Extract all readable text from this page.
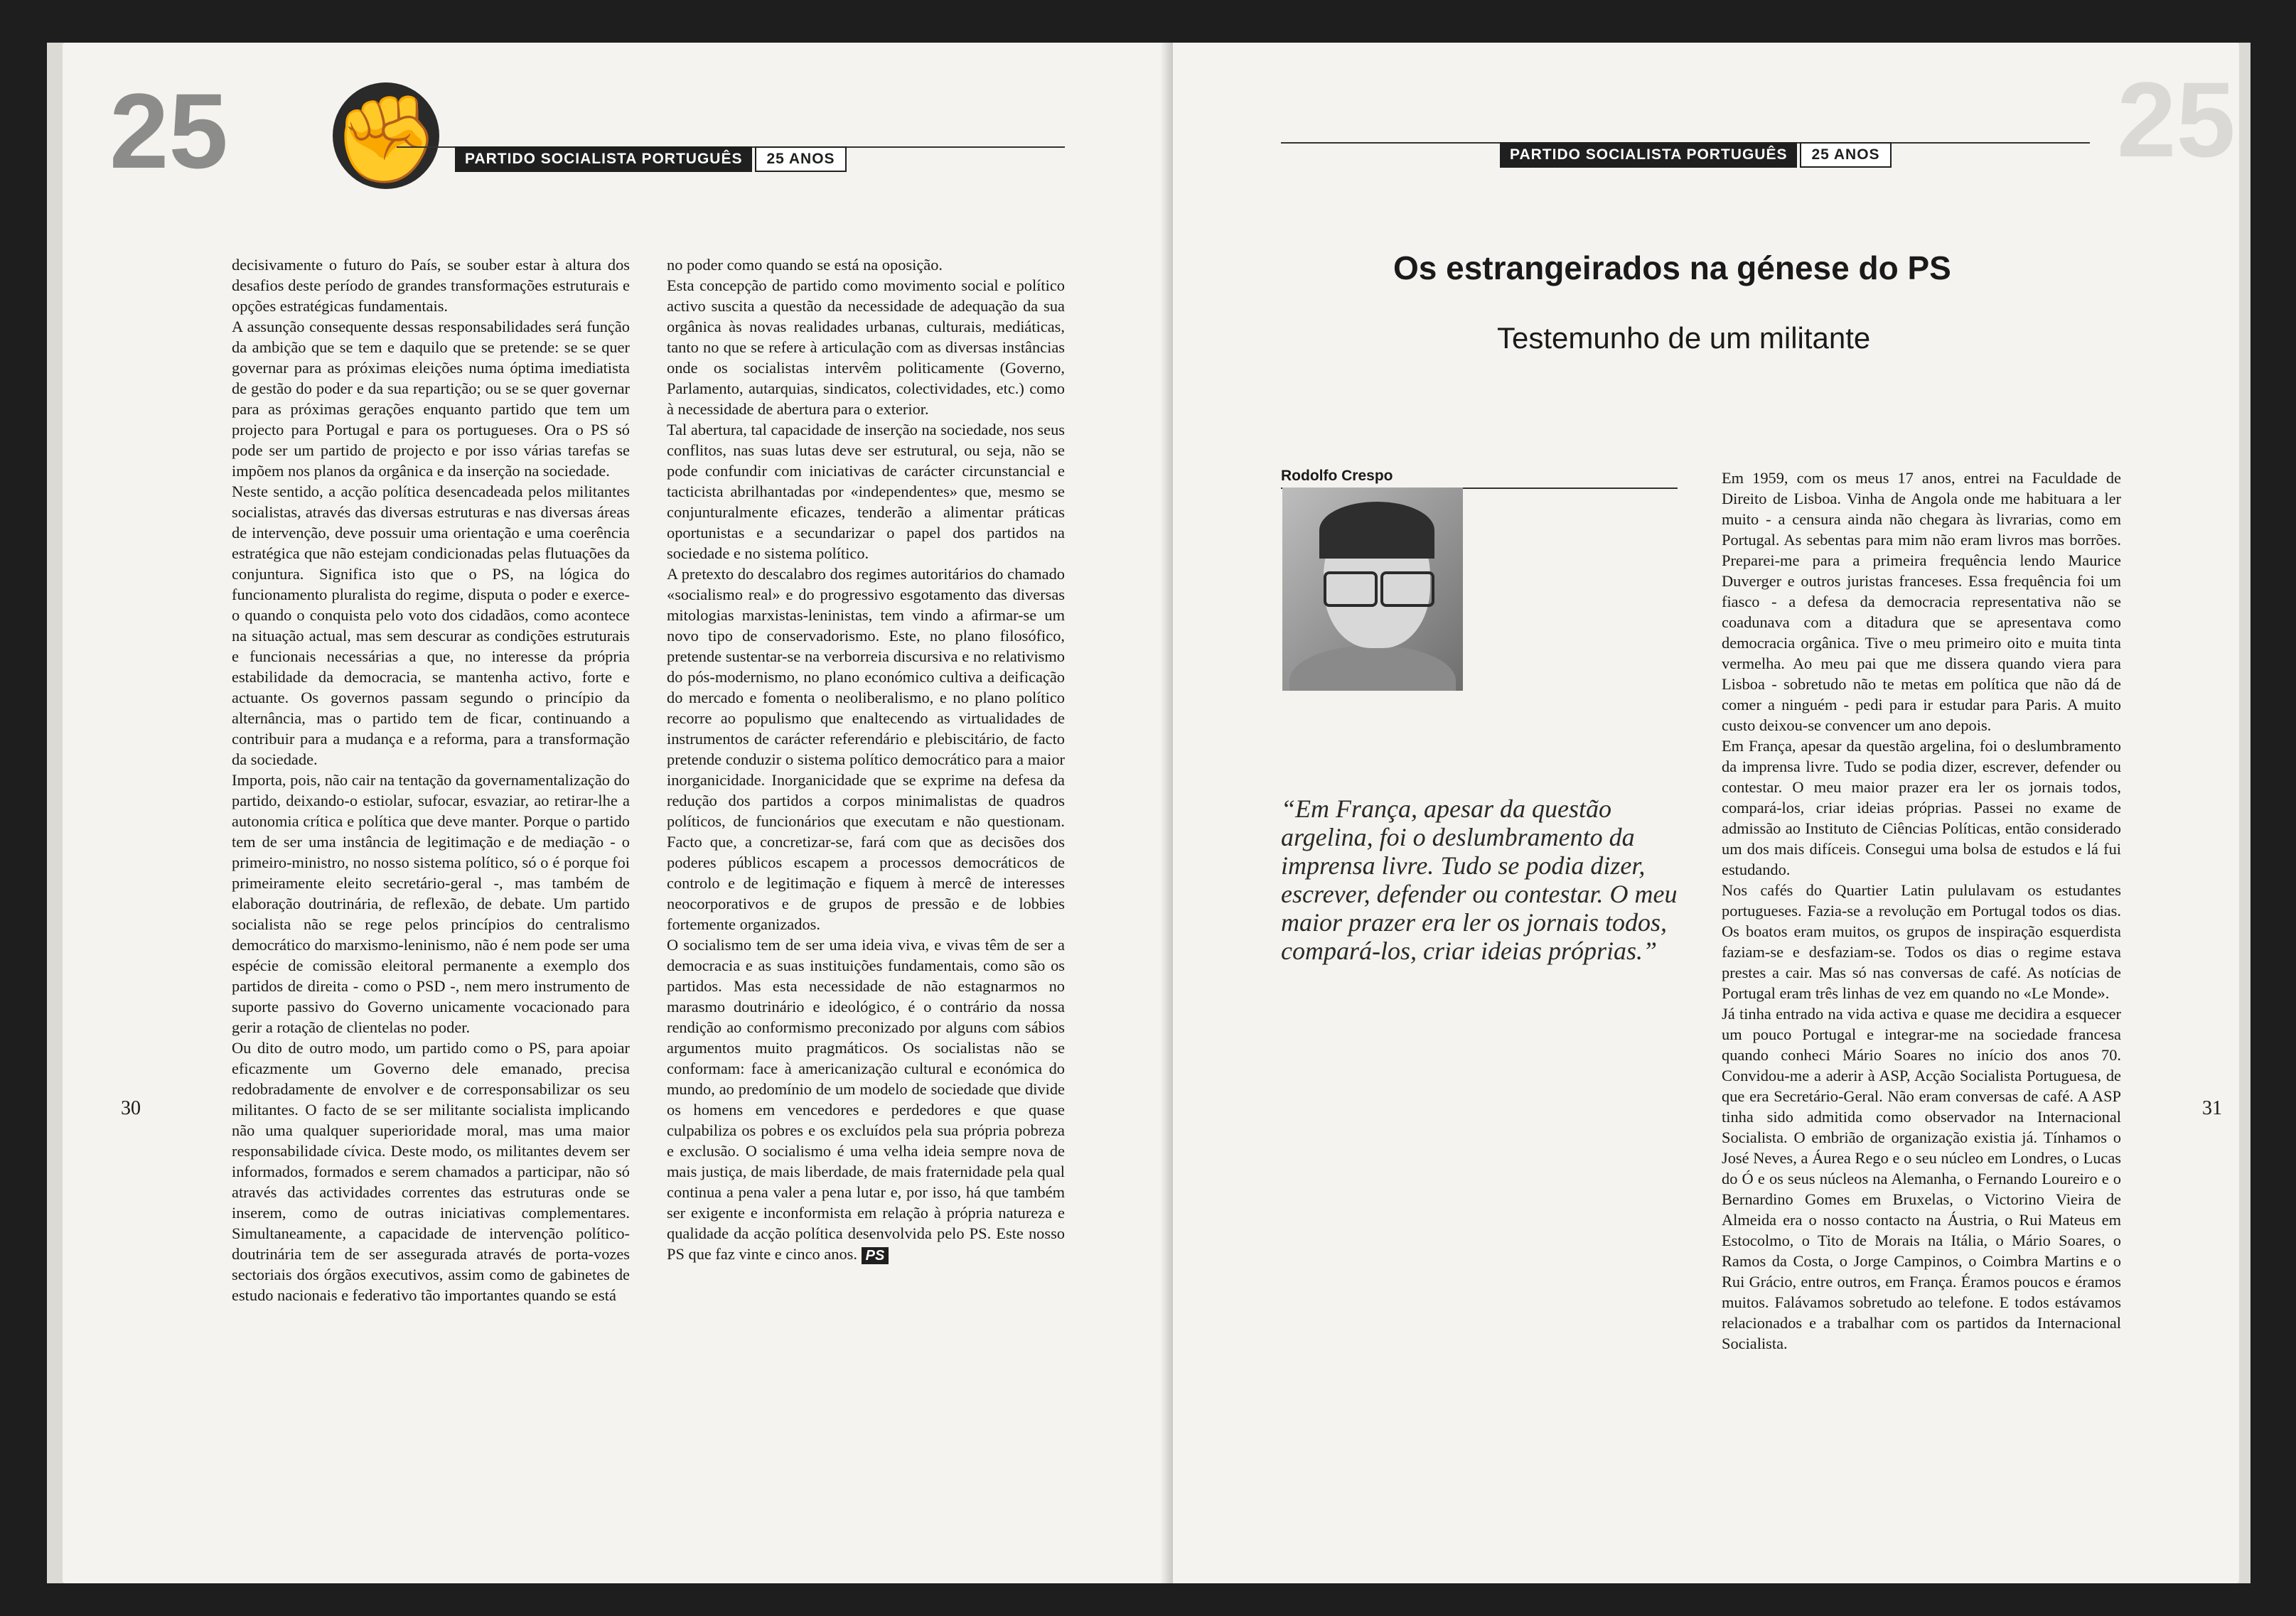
25
✊	PARTIDO SOCIALISTA PORTUGUÊS	25 ANOS

decisivamente o futuro do País, se souber estar à altura dos desafios deste período de grandes transformações estruturais e opções estratégicas fundamentais.

A assunção consequente dessas responsabilidades será função da ambição que se tem e daquilo que se pretende: se se quer governar para as próximas eleições numa óptima imediatista de gestão do poder e da sua repartição; ou se se quer governar para as próximas gerações enquanto partido que tem um projecto para Portugal e para os portugueses. Ora o PS só pode ser um partido de projecto e por isso várias tarefas se impõem nos planos da orgânica e da inserção na sociedade.

Neste sentido, a acção política desencadeada pelos militantes socialistas, através das diversas estruturas e nas diversas áreas de intervenção, deve possuir uma orientação e uma coerência estratégica que não estejam condicionadas pelas flutuações da conjuntura. Significa isto que o PS, na lógica do funcionamento pluralista do regime, disputa o poder e exerce-o quando o conquista pelo voto dos cidadãos, como acontece na situação actual, mas sem descurar as condições estruturais e funcionais necessárias a que, no interesse da própria estabilidade da democracia, se mantenha activo, forte e actuante. Os governos passam segundo o princípio da alternância, mas o partido tem de ficar, continuando a contribuir para a mudança e a reforma, para a transformação da sociedade.

Importa, pois, não cair na tentação da governamentalização do partido, deixando-o estiolar, sufocar, esvaziar, ao retirar-lhe a autonomia crítica e política que deve manter. Porque o partido tem de ser uma instância de legitimação e de mediação - o primeiro-ministro, no nosso sistema político, só o é porque foi primeiramente eleito secretário-geral -, mas também de elaboração doutrinária, de reflexão, de debate. Um partido socialista não se rege pelos princípios do centralismo democrático do marxismo-leninismo, não é nem pode ser uma espécie de comissão eleitoral permanente a exemplo dos partidos de direita - como o PSD -, nem mero instrumento de suporte passivo do Governo unicamente vocacionado para gerir a rotação de clientelas no poder.

Ou dito de outro modo, um partido como o PS, para apoiar eficazmente um Governo dele emanado, precisa redobradamente de envolver e de corresponsabilizar os seu militantes. O facto de se ser militante socialista implicando não uma qualquer superioridade moral, mas uma maior responsabilidade cívica. Deste modo, os militantes devem ser informados, formados e serem chamados a participar, não só através das actividades correntes das estruturas onde se inserem, como de outras iniciativas complementares. Simultaneamente, a capacidade de intervenção político-doutrinária tem de ser assegurada através de porta-vozes sectoriais dos órgãos executivos, assim como de gabinetes de estudo nacionais e federativo tão importantes quando se está

no poder como quando se está na oposição.

Esta concepção de partido como movimento social e político activo suscita a questão da necessidade de adequação da sua orgânica às novas realidades urbanas, culturais, mediáticas, tanto no que se refere à articulação com as diversas instâncias onde os socialistas intervêm politicamente (Governo, Parlamento, autarquias, sindicatos, colectividades, etc.) como à necessidade de abertura para o exterior.

Tal abertura, tal capacidade de inserção na sociedade, nos seus conflitos, nas suas lutas deve ser estrutural, ou seja, não se pode confundir com iniciativas de carácter circunstancial e tacticista abrilhantadas por «independentes» que, mesmo se conjunturalmente eficazes, tenderão a alimentar práticas oportunistas e a secundarizar o papel dos partidos na sociedade e no sistema político.

A pretexto do descalabro dos regimes autoritários do chamado «socialismo real» e do progressivo esgotamento das diversas mitologias marxistas-leninistas, tem vindo a afirmar-se um novo tipo de conservadorismo. Este, no plano filosófico, pretende sustentar-se na verborreia discursiva e no relativismo do pós-modernismo, no plano económico cultiva a deificação do mercado e fomenta o neoliberalismo, e no plano político recorre ao populismo que enaltecendo as virtualidades de instrumentos de carácter referendário e plebiscitário, de facto pretende conduzir o sistema político democrático para a maior inorganicidade. Inorganicidade que se exprime na defesa da redução dos partidos a corpos minimalistas de quadros políticos, de funcionários que executam e não questionam. Facto que, a concretizar-se, fará com que as decisões dos poderes públicos escapem a processos democráticos de controlo e de legitimação e fiquem à mercê de interesses neocorporativos e de grupos de pressão e de lobbies fortemente organizados.

O socialismo tem de ser uma ideia viva, e vivas têm de ser a democracia e as suas instituições fundamentais, como são os partidos. Mas esta necessidade de não estagnarmos no marasmo doutrinário e ideológico, é o contrário da nossa rendição ao conformismo preconizado por alguns com sábios argumentos muito pragmáticos. Os socialistas não se conformam: face à americanização cultural e económica do mundo, ao predomínio de um modelo de sociedade que divide os homens em vencedores e perdedores e que quase culpabiliza os pobres e os excluídos pela sua própria pobreza e exclusão. O socialismo é uma velha ideia sempre nova de mais justiça, de mais liberdade, de mais fraternidade pela qual continua a pena valer a pena lutar e, por isso, há que também ser exigente e inconformista em relação à própria natureza e qualidade da acção política desenvolvida pelo PS. Este nosso PS que faz vinte e cinco anos. PS

30
PARTIDO SOCIALISTA PORTUGUÊS	25 ANOS 25
31
Os estrangeirados na génese do PS
Testemunho de um militante
Rodolfo Crespo
“Em França, apesar da questão argelina, foi o deslumbramento da imprensa livre. Tudo se podia dizer, escrever, defender ou contestar. O meu maior prazer era ler os jornais todos, compará-los, criar ideias próprias.”

Em 1959, com os meus 17 anos, entrei na Faculdade de Direito de Lisboa. Vinha de Angola onde me habituara a ler muito - a censura ainda não chegara às livrarias, como em Portugal. As sebentas para mim não eram livros mas borrões. Preparei-me para a primeira frequência lendo Maurice Duverger e outros juristas franceses. Essa frequência foi um fiasco - a defesa da democracia representativa não se coadunava com a ditadura que se apresentava como democracia orgânica. Tive o meu primeiro oito e muita tinta vermelha. Ao meu pai que me dissera quando viera para Lisboa - sobretudo não te metas em política que não dá de comer a ninguém - pedi para ir estudar para Paris. A muito custo deixou-se convencer um ano depois.

Em França, apesar da questão argelina, foi o deslumbramento da imprensa livre. Tudo se podia dizer, escrever, defender ou contestar. O meu maior prazer era ler os jornais todos, compará-los, criar ideias próprias. Passei no exame de admissão ao Instituto de Ciências Políticas, então considerado um dos mais difíceis. Consegui uma bolsa de estudos e lá fui estudando.

Nos cafés do Quartier Latin pululavam os estudantes portugueses. Fazia-se a revolução em Portugal todos os dias. Os boatos eram muitos, os grupos de inspiração esquerdista faziam-se e desfaziam-se. Todos os dias o regime estava prestes a cair. Mas só nas conversas de café. As notícias de Portugal eram três linhas de vez em quando no «Le Monde».

Já tinha entrado na vida activa e quase me decidira a esquecer um pouco Portugal e integrar-me na sociedade francesa quando conheci Mário Soares no início dos anos 70. Convidou-me a aderir à ASP, Acção Socialista Portuguesa, de que era Secretário-Geral. Não eram conversas de café. A ASP tinha sido admitida como observador na Internacional Socialista. O embrião de organização existia já. Tínhamos o José Neves, a Áurea Rego e o seu núcleo em Londres, o Lucas do Ó e os seus núcleos na Alemanha, o Fernando Loureiro e o Bernardino Gomes em Bruxelas, o Victorino Vieira de Almeida era o nosso contacto na Áustria, o Rui Mateus em Estocolmo, o Tito de Morais na Itália, o Mário Soares, o Ramos da Costa, o Jorge Campinos, o Coimbra Martins e o Rui Grácio, entre outros, em França. Éramos poucos e éramos muitos. Falávamos sobretudo ao telefone. E todos estávamos relacionados e a trabalhar com os partidos da Internacional Socialista.
